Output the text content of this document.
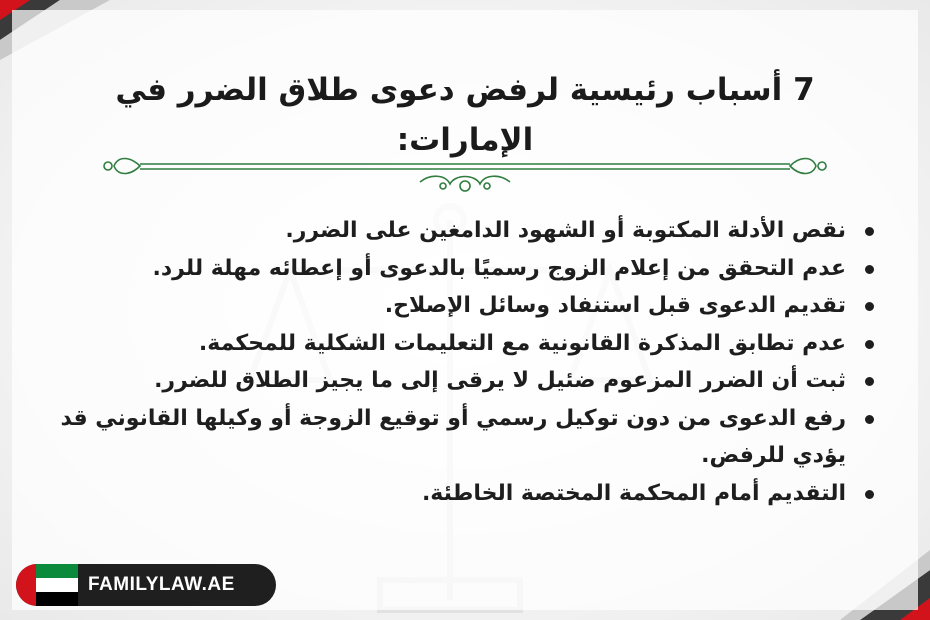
7 أسباب رئيسية لرفض دعوى طلاق الضرر في الإمارات:
نقص الأدلة المكتوبة أو الشهود الدامغين على الضرر.
عدم التحقق من إعلام الزوج رسميًا بالدعوى أو إعطائه مهلة للرد.
تقديم الدعوى قبل استنفاد وسائل الإصلاح.
عدم تطابق المذكرة القانونية مع التعليمات الشكلية للمحكمة.
ثبت أن الضرر المزعوم ضئيل لا يرقى إلى ما يجيز الطلاق للضرر.
رفع الدعوى من دون توكيل رسمي أو توقيع الزوجة أو وكيلها القانوني قد يؤدي للرفض.
التقديم أمام المحكمة المختصة الخاطئة.
FAMILYLAW.AE
